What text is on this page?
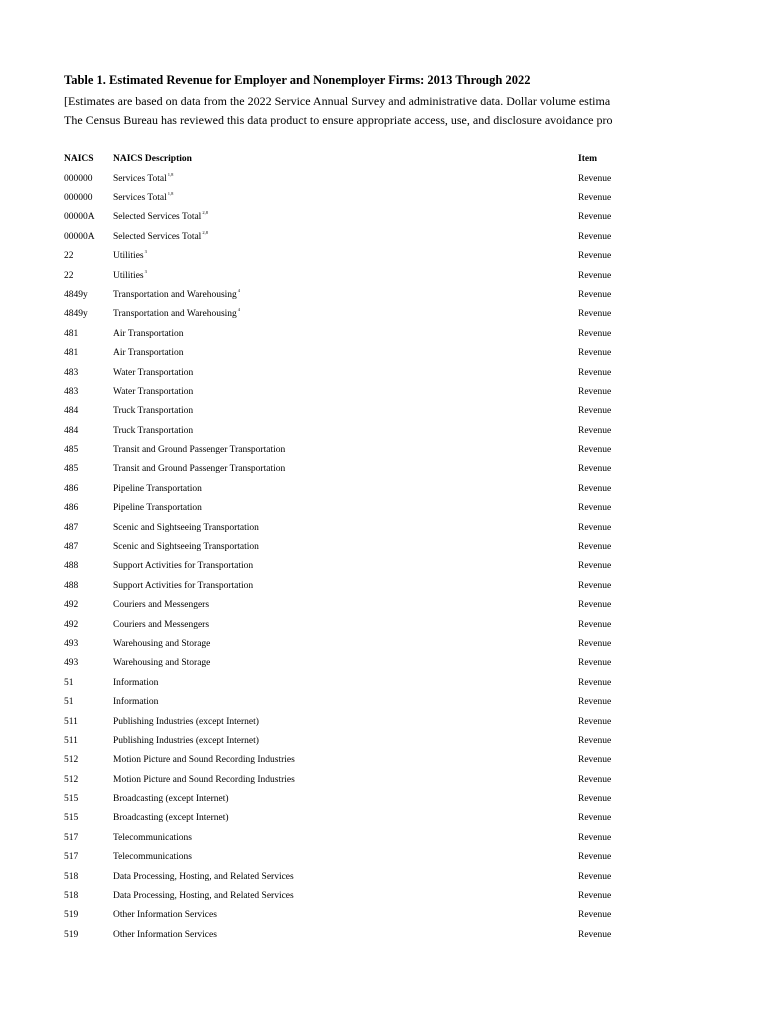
Table 1. Estimated Revenue for Employer and Nonemployer Firms: 2013 Through 2022
[Estimates are based on data from the 2022 Service Annual Survey and administrative data. Dollar volume estima
The Census Bureau has reviewed this data product to ensure appropriate access, use, and disclosure avoidance pro
NAICS NAICS Description	Item
000000 Services Total$^{1,8}$	Revenue
000000 Services Total$^{1,8}$	Revenue
00000A Selected Services Total$^{2,8}$	Revenue
00000A Selected Services Total$^{2,8}$	Revenue
22	Utilities$^3$	Revenue
22	Utilities$^3$	Revenue
4849y	Transportation and Warehousing$^4$	Revenue
4849y	Transportation and Warehousing$^4$	Revenue
481	Air Transportation	Revenue
481	Air Transportation	Revenue
483	Water Transportation	Revenue
483	Water Transportation	Revenue
484	Truck Transportation	Revenue
484	Truck Transportation	Revenue
485	Transit and Ground Passenger Transportation	Revenue
485	Transit and Ground Passenger Transportation	Revenue
486	Pipeline Transportation	Revenue
486	Pipeline Transportation	Revenue
487	Scenic and Sightseeing Transportation	Revenue
487	Scenic and Sightseeing Transportation	Revenue
488	Support Activities for Transportation	Revenue
488	Support Activities for Transportation	Revenue
492	Couriers and Messengers	Revenue
492	Couriers and Messengers	Revenue
493	Warehousing and Storage	Revenue
493	Warehousing and Storage	Revenue
51	Information	Revenue
51	Information	Revenue
511	Publishing Industries (except Internet)	Revenue
511	Publishing Industries (except Internet)	Revenue
512	Motion Picture and Sound Recording Industries	Revenue
512	Motion Picture and Sound Recording Industries	Revenue
515	Broadcasting (except Internet)	Revenue
515	Broadcasting (except Internet)	Revenue
517	Telecommunications	Revenue
517	Telecommunications	Revenue
518	Data Processing, Hosting, and Related Services	Revenue
518	Data Processing, Hosting, and Related Services	Revenue
519	Other Information Services	Revenue
519	Other Information Services	Revenue
